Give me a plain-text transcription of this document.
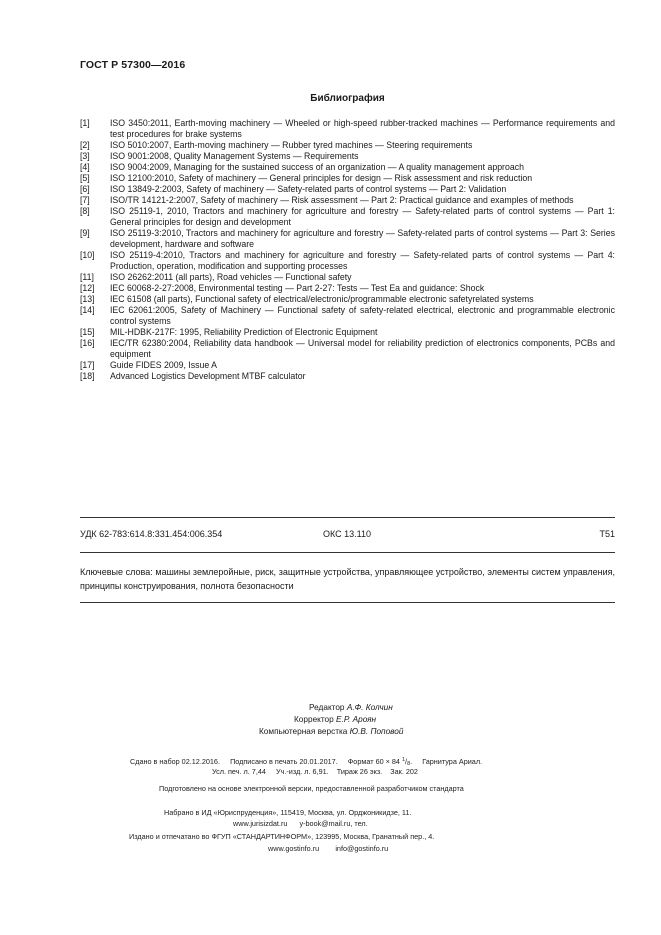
ГОСТ Р 57300—2016
Библиография
[1]	ISO 3450:2011, Earth-moving machinery — Wheeled or high-speed rubber-tracked machines — Performance requirements and test procedures for brake systems
[2]	ISO 5010:2007, Earth-moving machinery — Rubber tyred machines — Steering requirements
[3]	ISO 9001:2008, Quality Management Systems — Requirements
[4]	ISO 9004:2009, Managing for the sustained success of an organization — A quality management approach
[5]	ISO 12100:2010, Safety of machinery — General principles for design — Risk assessment and risk reduction
[6]	ISO 13849-2:2003, Safety of machinery — Safety-related parts of control systems — Part 2: Validation
[7]	ISO/TR 14121-2:2007, Safety of machinery — Risk assessment — Part 2: Practical guidance and examples of methods
[8]	ISO 25119-1, 2010, Tractors and machinery for agriculture and forestry — Safety-related parts of control systems — Part 1: General principles for design and development
[9]	ISO 25119-3:2010, Tractors and machinery for agriculture and forestry — Safety-related parts of control systems — Part 3: Series development, hardware and software
[10]	ISO 25119-4:2010, Tractors and machinery for agriculture and forestry — Safety-related parts of control systems — Part 4: Production, operation, modification and supporting processes
[11]	ISO 26262:2011 (all parts), Road vehicles — Functional safety
[12]	IEC 60068-2-27:2008, Environmental testing — Part 2-27: Tests — Test Ea and guidance: Shock
[13]	IEC 61508 (all parts), Functional safety of electrical/electronic/programmable electronic safetyrelated systems
[14]	IEC 62061:2005, Safety of Machinery — Functional safety of safety-related electrical, electronic and programmable electronic control systems
[15]	MIL-HDBK-217F: 1995, Reliability Prediction of Electronic Equipment
[16]	IEC/TR 62380:2004, Reliability data handbook — Universal model for reliability prediction of electronics components, PCBs and equipment
[17]	Guide FIDES 2009, Issue A
[18]	Advanced Logistics Development MTBF calculator
УДК 62-783:614.8:331.454:006.354	ОКС 13.110	Т51
Ключевые слова: машины землеройные, риск, защитные устройства, управляющее устройство, элементы систем управления, принципы конструирования, полнота безопасности
Редактор А.Ф. Колчин
Корректор Е.Р. Ароян
Компьютерная верстка Ю.В. Поповой
Сдано в набор 02.12.2016. Подписано в печать 20.01.2017. Формат 60 × 84 $^1/_8$. Гарнитура Ариал.
Усл. печ. л. 7,44 Уч.-изд. л. 6,91. Тираж 26 экз. Зак. 202
Подготовлено на основе электронной версии, предоставленной разработчиком стандарта
Набрано в ИД «Юриспруденция», 115419, Москва, ул. Орджоникидзе, 11.
www.jurisizdat.ru y-book@mail.ru, тел.
Издано и отпечатано во ФГУП «СТАНДАРТИНФОРМ», 123995, Москва, Гранатный пер., 4.
www.gostinfo.ru info@gostinfo.ru
